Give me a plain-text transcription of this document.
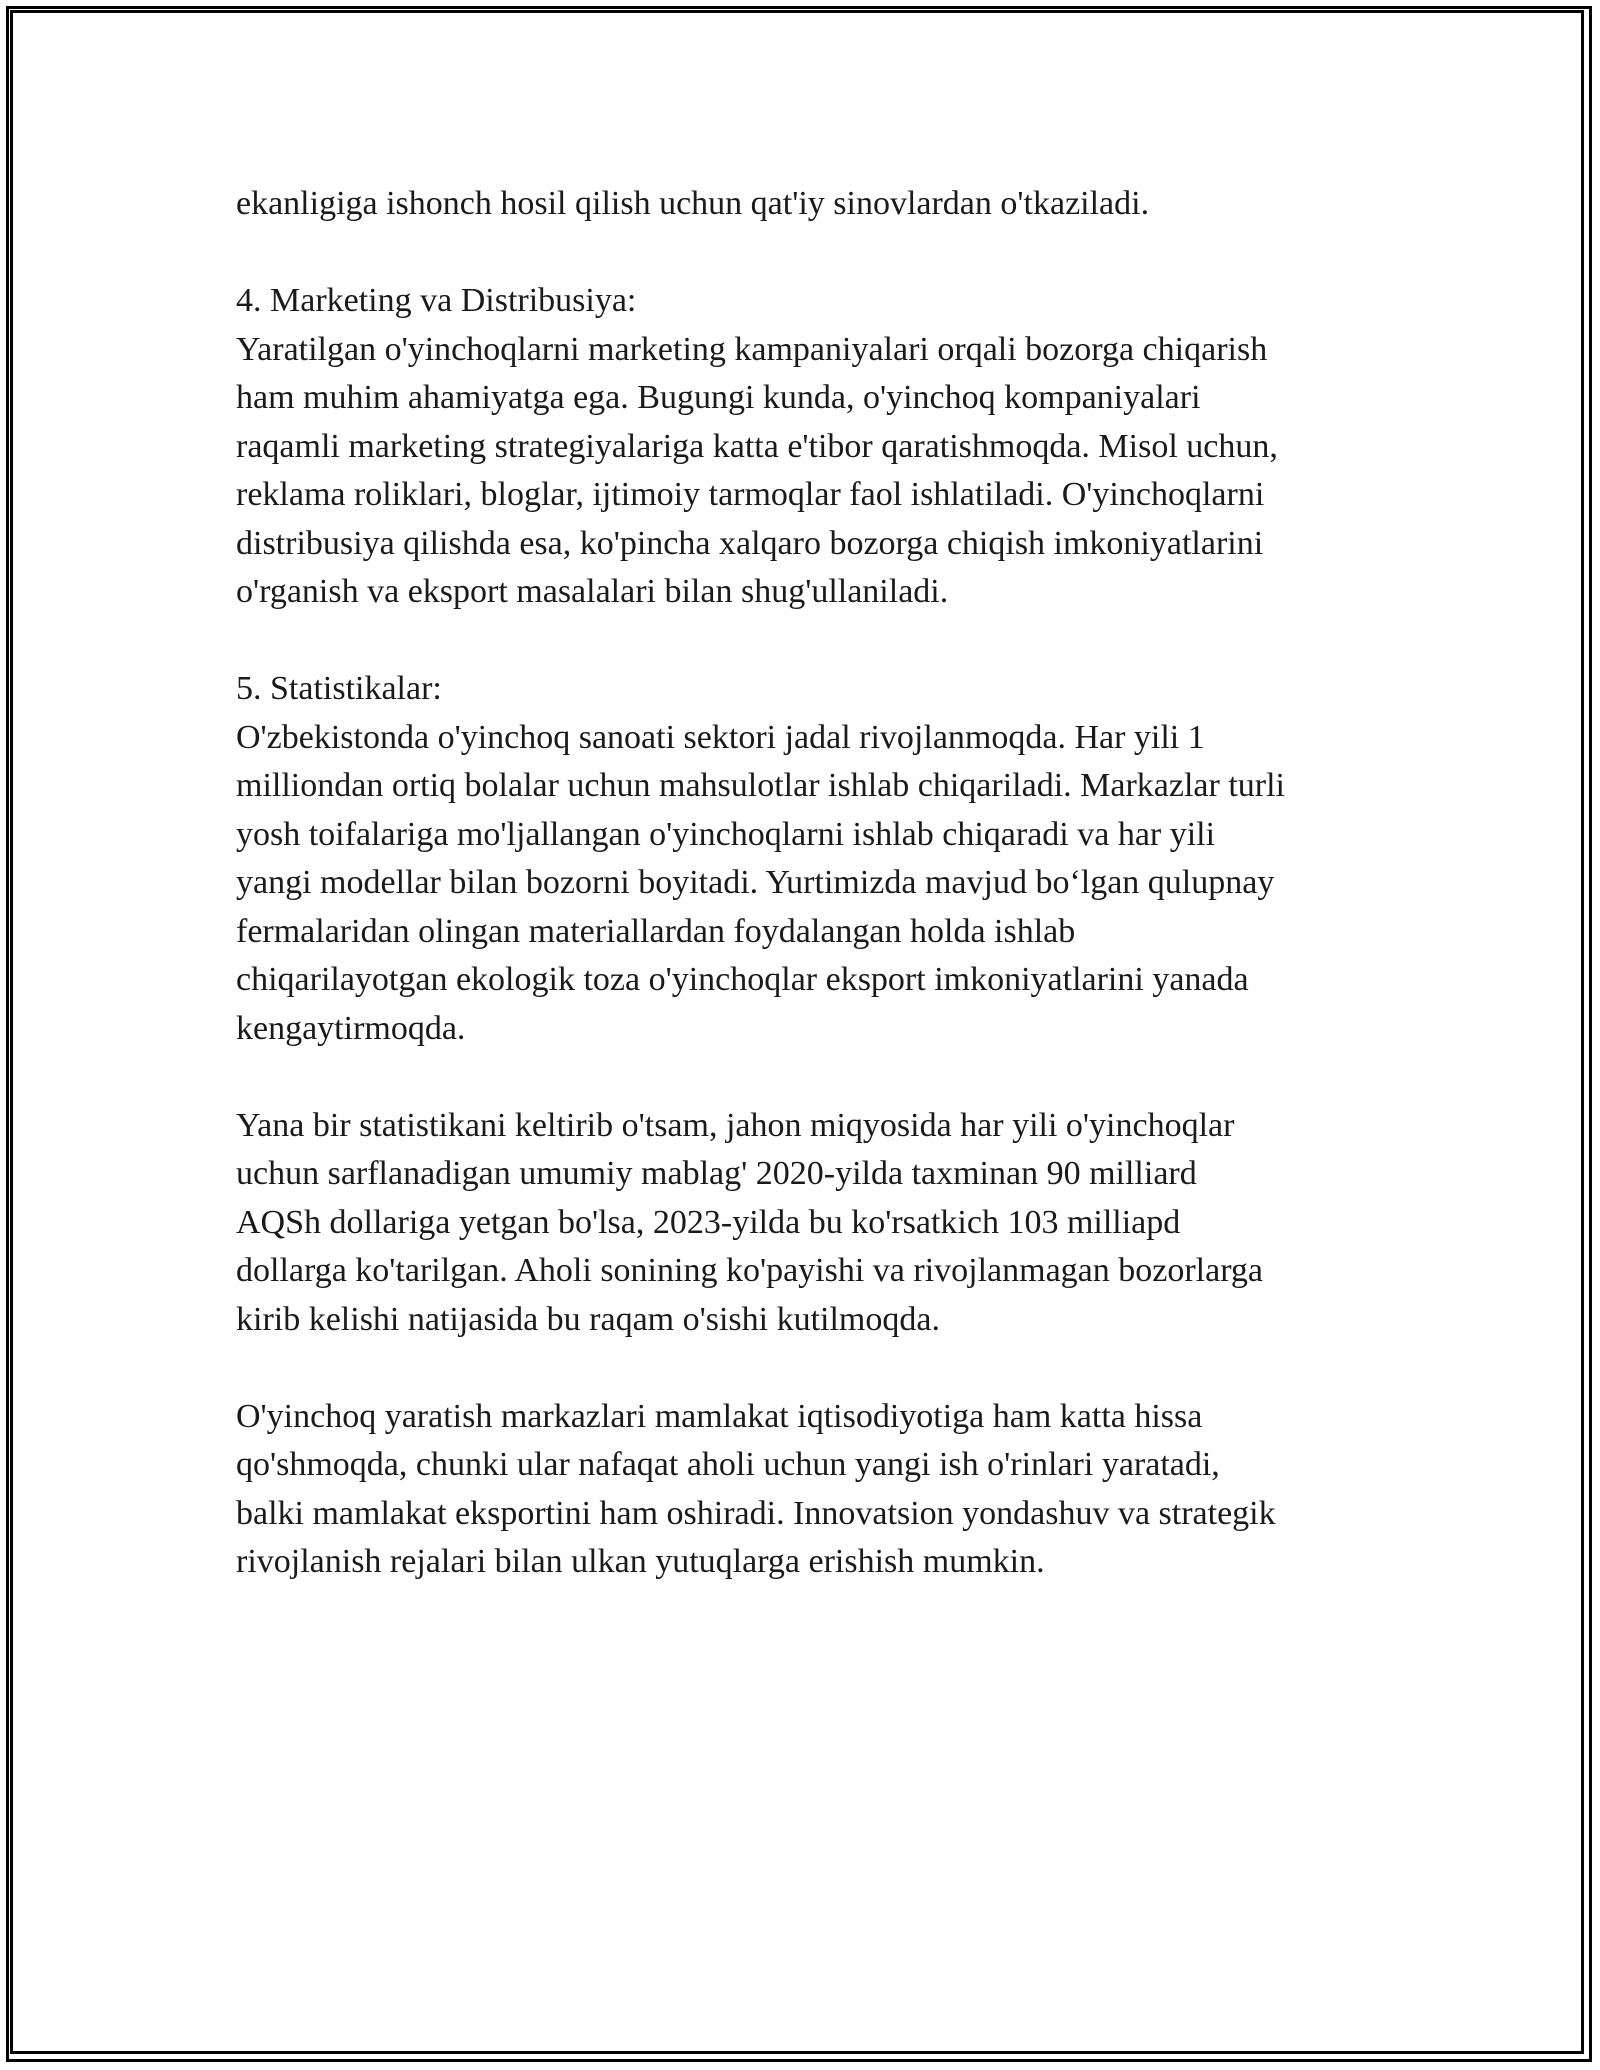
ekanligiga ishonch hosil qilish uchun qat'iy sinovlardan o'tkaziladi.
4. Marketing va Distribusiya:
Yaratilgan o'yinchoqlarni marketing kampaniyalari orqali bozorga chiqarish
ham muhim ahamiyatga ega. Bugungi kunda, o'yinchoq kompaniyalari
raqamli marketing strategiyalariga katta e'tibor qaratishmoqda. Misol uchun,
reklama roliklari, bloglar, ijtimoiy tarmoqlar faol ishlatiladi. O'yinchoqlarni
distribusiya qilishda esa, ko'pincha xalqaro bozorga chiqish imkoniyatlarini
o'rganish va eksport masalalari bilan shug'ullaniladi.
5. Statistikalar:
O'zbekistonda o'yinchoq sanoati sektori jadal rivojlanmoqda. Har yili 1
milliondan ortiq bolalar uchun mahsulotlar ishlab chiqariladi. Markazlar turli
yosh toifalariga mo'ljallangan o'yinchoqlarni ishlab chiqaradi va har yili
yangi modellar bilan bozorni boyitadi. Yurtimizda mavjud bo‘lgan qulupnay
fermalaridan olingan materiallardan foydalangan holda ishlab
chiqarilayotgan ekologik toza o'yinchoqlar eksport imkoniyatlarini yanada
kengaytirmoqda.
Yana bir statistikani keltirib o'tsam, jahon miqyosida har yili o'yinchoqlar
uchun sarflanadigan umumiy mablag' 2020-yilda taxminan 90 milliard
AQSh dollariga yetgan bo'lsa, 2023-yilda bu ko'rsatkich 103 milliapd
dollarga ko'tarilgan. Aholi sonining ko'payishi va rivojlanmagan bozorlarga
kirib kelishi natijasida bu raqam o'sishi kutilmoqda.
O'yinchoq yaratish markazlari mamlakat iqtisodiyotiga ham katta hissa
qo'shmoqda, chunki ular nafaqat aholi uchun yangi ish o'rinlari yaratadi,
balki mamlakat eksportini ham oshiradi. Innovatsion yondashuv va strategik
rivojlanish rejalari bilan ulkan yutuqlarga erishish mumkin.
